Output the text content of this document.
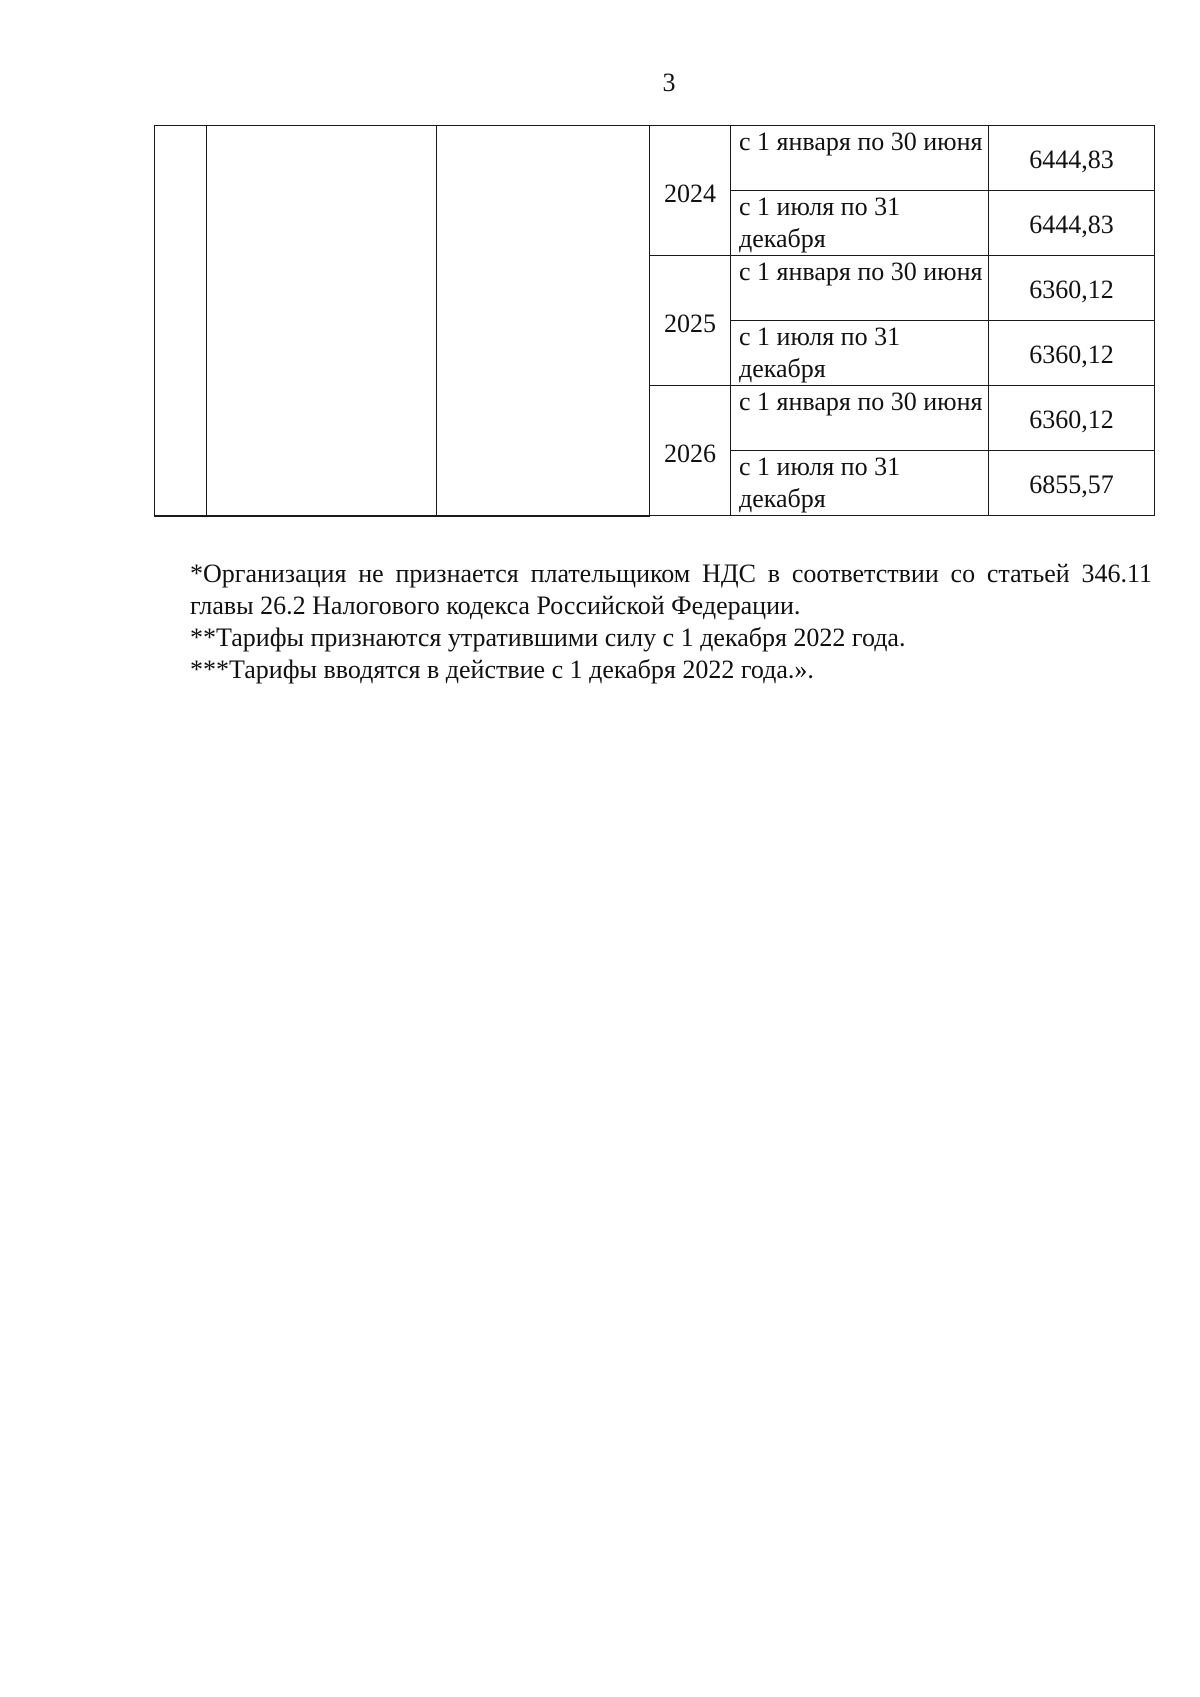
3
			2024	с 1 января по 30 июня	6444,83
				с 1 июля по 31 декабря	6444,83
			2025	с 1 января по 30 июня	6360,12
				с 1 июля по 31 декабря	6360,12
			2026	с 1 января по 30 июня	6360,12
				с 1 июля по 31 декабря	6855,57

*Организация не признается плательщиком НДС в соответствии со статьей 346.11 главы 26.2 Налогового кодекса Российской Федерации.

**Тарифы признаются утратившими силу с 1 декабря 2022 года.

***Тарифы вводятся в действие с 1 декабря 2022 года.».
